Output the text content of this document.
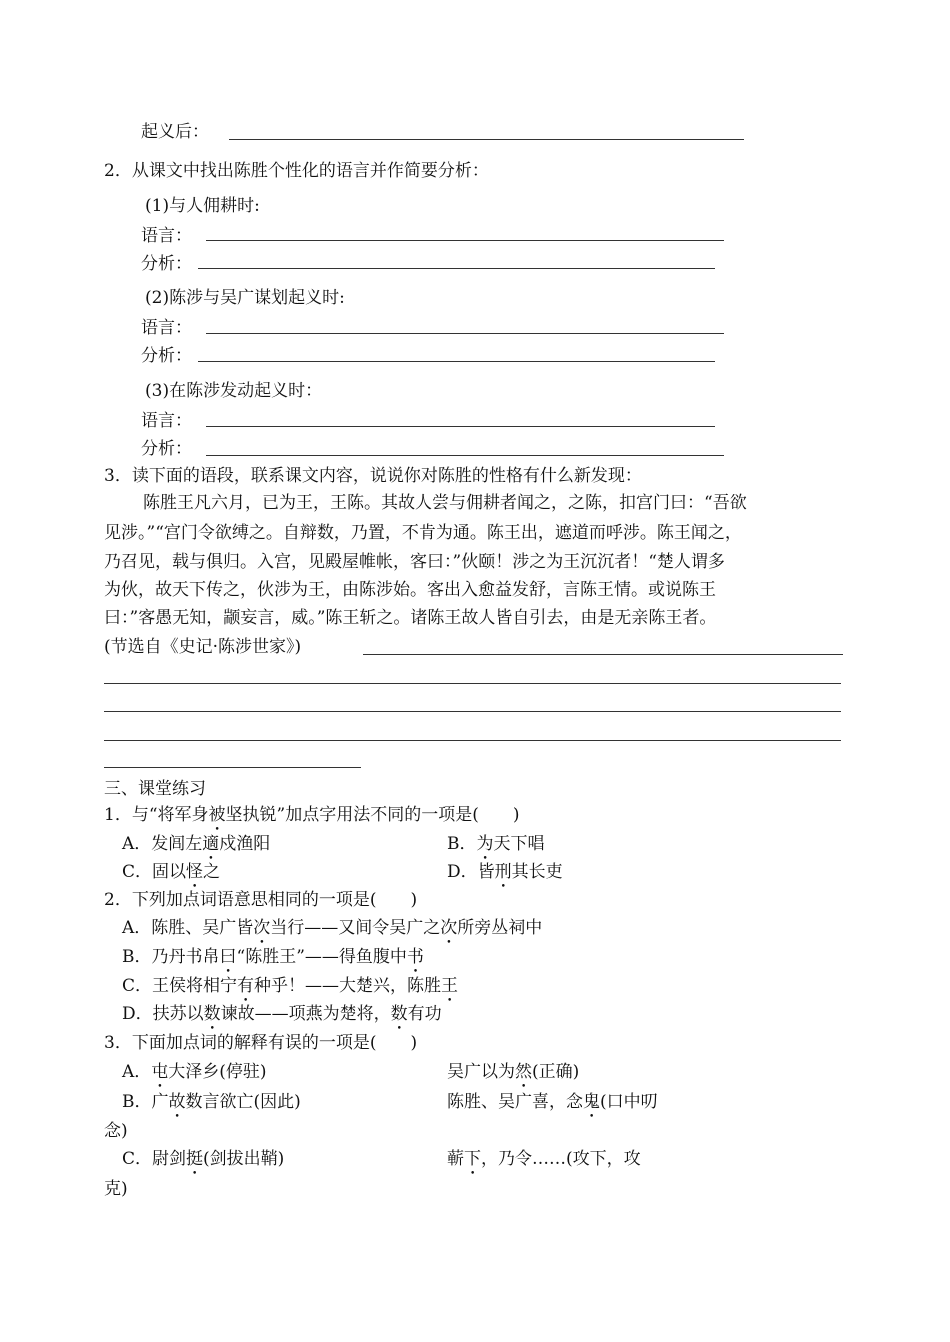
起义后：
2．从课文中找出陈胜个性化的语言并作简要分析：
(1)与人佣耕时:
语言：
分析：
(2)陈涉与吴广谋划起义时:
语言：
分析：
(3)在陈涉发动起义时：
语言：
分析：
3．读下面的语段，联系课文内容，说说你对陈胜的性格有什么新发现：
陈胜王凡六月，已为王，王陈。其故人尝与佣耕者闻之，之陈，扣宫门曰：“吾欲
见涉。”“宫门令欲缚之。自辩数，乃置，不肯为通。陈王出，遮道而呼涉。陈王闻之，
乃召见，载与俱归。入宫，见殿屋帷帐，客曰：”伙颐！涉之为王沉沉者！“楚人谓多
为伙，故天下传之，伙涉为王，由陈涉始。客出入愈益发舒，言陈王情。或说陈王
曰：”客愚无知，颛妄言，威。”陈王斩之。诸陈王故人皆自引去，由是无亲陈王者。
(节选自《史记·陈涉世家》)
三、课堂练习
1．与“将军身被坚执锐”加点字用法不同的一项是(　　)
A．发闾左適戍渔阳	B．为天下唱
C．固以怪之	D．皆刑其长吏
2．下列加点词语意思相同的一项是(　　)
A．陈胜、吴广皆次当行——又间令吴广之次所旁丛祠中
B．乃丹书帛曰“陈胜王”——得鱼腹中书
C．王侯将相宁有种乎！——大楚兴，陈胜王
D．扶苏以数谏故——项燕为楚将，数有功
3．下面加点词的解释有误的一项是(　　)
A．屯大泽乡(停驻)	吴广以为然(正确)
B．广故数言欲亡(因此)	陈胜、吴广喜，念鬼(口中叨
念)
C．尉剑挺(剑拔出鞘)	蕲下，乃令……(攻下，攻
克)
